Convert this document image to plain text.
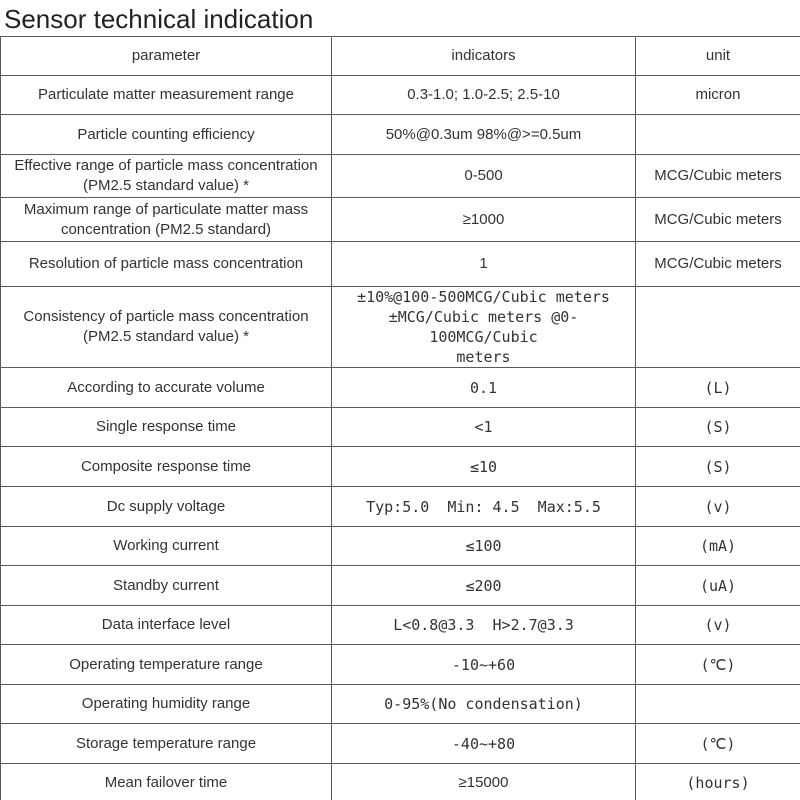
Sensor technical indication
parameter	indicators	unit
Particulate matter measurement range	0.3-1.0; 1.0-2.5; 2.5-10	micron
Particle counting efficiency	50%@0.3um 98%@>=0.5um	
Effective range of particle mass concentration
(PM2.5 standard value) *	0-500	MCG/Cubic meters
Maximum range of particulate matter mass
concentration (PM2.5 standard)	≥1000	MCG/Cubic meters
Resolution of particle mass concentration	1	MCG/Cubic meters
Consistency of particle mass concentration
(PM2.5 standard value) *	±10%@100-500MCG/Cubic meters
±MCG/Cubic meters @0-100MCG/Cubic
meters	
According to accurate volume	0.1	(L)
Single response time	<1	(S)
Composite response time	≤10	(S)
Dc supply voltage	Typ:5.0  Min: 4.5  Max:5.5	(v)
Working current	≤100	(mA)
Standby current	≤200	(uA)
Data interface level	L<0.8@3.3  H>2.7@3.3	(v)
Operating temperature range	-10~+60	(℃)
Operating humidity range	0-95%(No condensation)	
Storage temperature range	-40~+80	(℃)
Mean failover time	≥15000	(hours)
